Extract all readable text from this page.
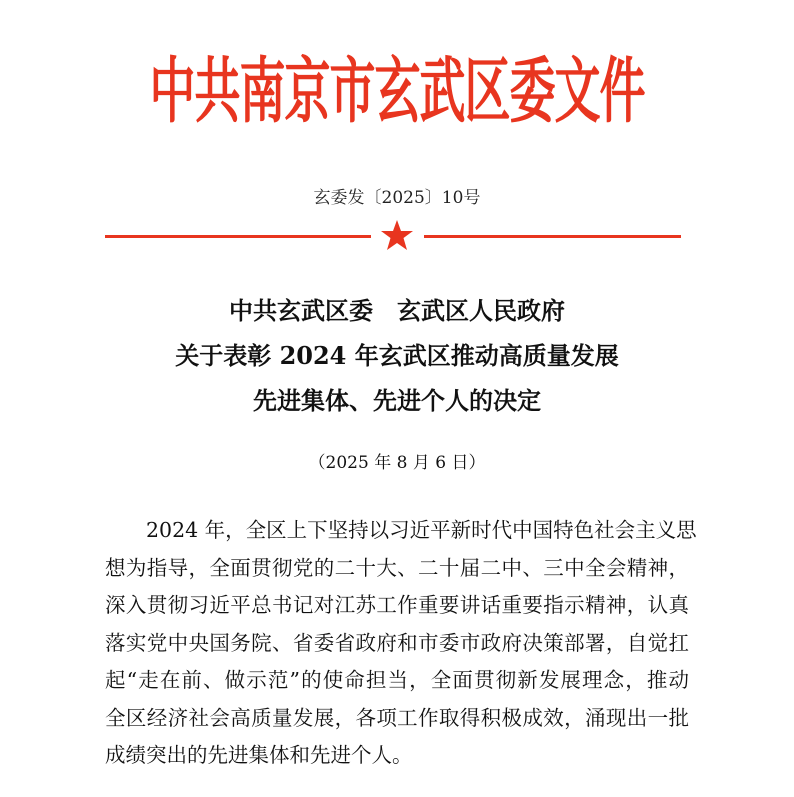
中共南京市玄武区委文件
玄委发〔2025〕10号
中共玄武区委　玄武区人民政府
关于表彰 2024 年玄武区推动高质量发展
先进集体、先进个人的决定
（2025 年 8 月 6 日）
2024 年，全区上下坚持以习近平新时代中国特色社会主义思
想为指导，全面贯彻党的二十大、二十届二中、三中全会精神，
深入贯彻习近平总书记对江苏工作重要讲话重要指示精神，认真
落实党中央国务院、省委省政府和市委市政府决策部署，自觉扛
起“走在前、做示范”的使命担当，全面贯彻新发展理念，推动
全区经济社会高质量发展，各项工作取得积极成效，涌现出一批
成绩突出的先进集体和先进个人。
